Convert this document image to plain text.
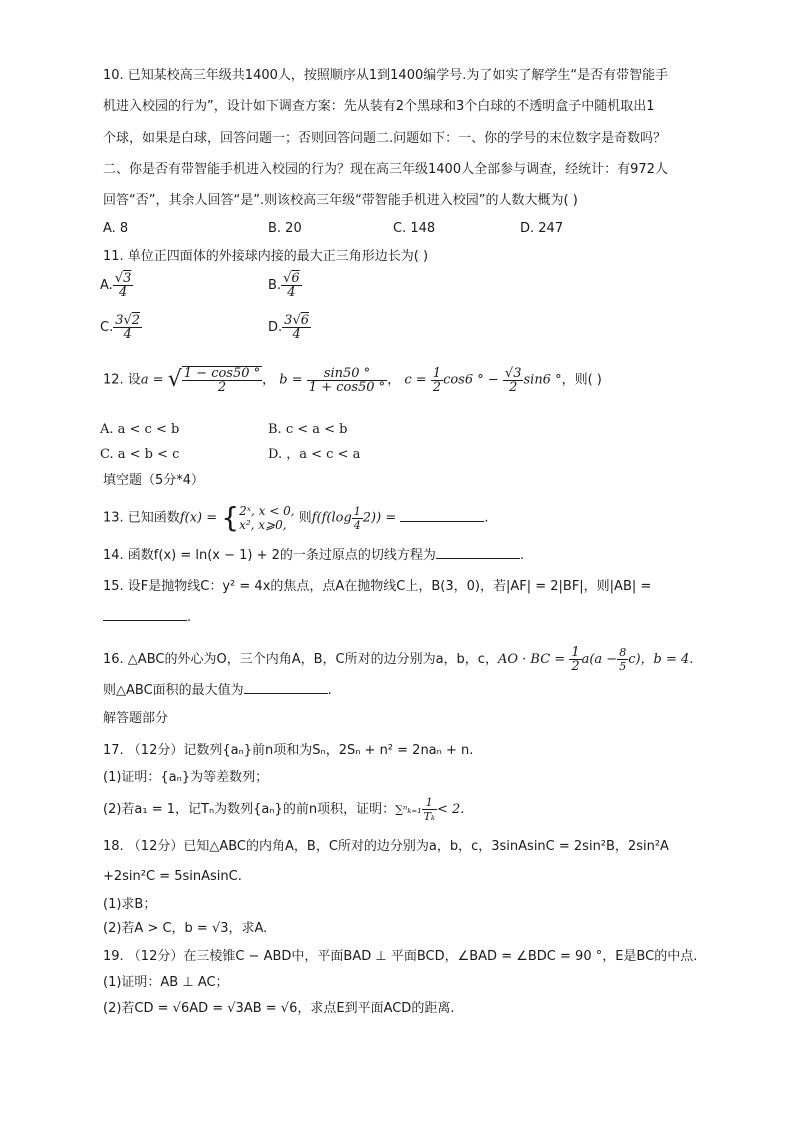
10. 已知某校高三年级共1400人，按照顺序从1到1400编学号.为了如实了解学生“是否有带智能手
机进入校园的行为”，设计如下调查方案：先从装有2个黑球和3个白球的不透明盒子中随机取出1
个球，如果是白球，回答问题一；否则回答问题二.问题如下：一、你的学号的末位数字是奇数吗？
二、你是否有带智能手机进入校园的行为？现在高三年级1400人全部参与调查，经统计：有972人
回答“否”，其余人回答“是”.则该校高三年级“带智能手机进入校园”的人数大概为( )
A. 8	B. 20	C. 148	D. 247
11. 单位正四面体的外接球内接的最大正三角形边长为( )
A. $\frac{√3}{4}$	B. $\frac{√6}{4}$
C. $\frac{3√2}{4}$	D. $\frac{3√6}{4}$
12. 设a = √ $\frac{1 - \cos 50 ^\circ}{2}$ ， $b = \frac{\sin 50 ^\circ}{1 + \cos 50 ^\circ}$ ， $c = \frac{1}{2} \cos 6$ ° − $\frac{√3}{2} \sin 6$ °，则( )
A. a < c < b	B. c < a < b
C. a < b < c	D. ，a < c < a
填空题（5分*4）
13. 已知函数f(x) = { 2ˣ, x < 0,
x², x⩾0, 则$f(f(\log \frac{1}{4} 2))$ =	.
14. 函数f(x) = ln(x − 1) + 2的一条过原点的切线方程为	.
15. 设F是抛物线C：y² = 4x的焦点，点A在抛物线C上，B(3，0)，若|AF| = 2|BF|，则|AB| =
.
16. △ABC的外心为O，三个内角A，B，C所对的边分别为a，b，c，AO · BC = $\frac{1}{2} a(a - \frac{8}{5} c)$，b = 4.
则△ABC面积的最大值为	.
解答题部分
17. （12分）记数列{aₙ}前n项和为Sₙ，2Sₙ + n² = 2naₙ + n.
(1)证明：{aₙ}为等差数列；
(2)若a₁ = 1，记Tₙ为数列{aₙ}的前n项积，证明：$\sum^n_{k=1} \frac{1}{\text{Tₖ}} < 2$.
18. （12分）已知△ABC的内角A，B，C所对的边分别为a，b，c，3sinAsinC = 2sin²B，2sin²A
+2sin²C = 5sinAsinC.
(1)求B；
(2)若A > C，b = √3，求A.
19. （12分）在三棱锥C − ABD中，平面BAD ⊥ 平面BCD，∠BAD = ∠BDC = 90 °，E是BC的中点.
(1)证明：AB ⊥ AC；
(2)若CD = √6AD = √3AB = √6，求点E到平面ACD的距离.
